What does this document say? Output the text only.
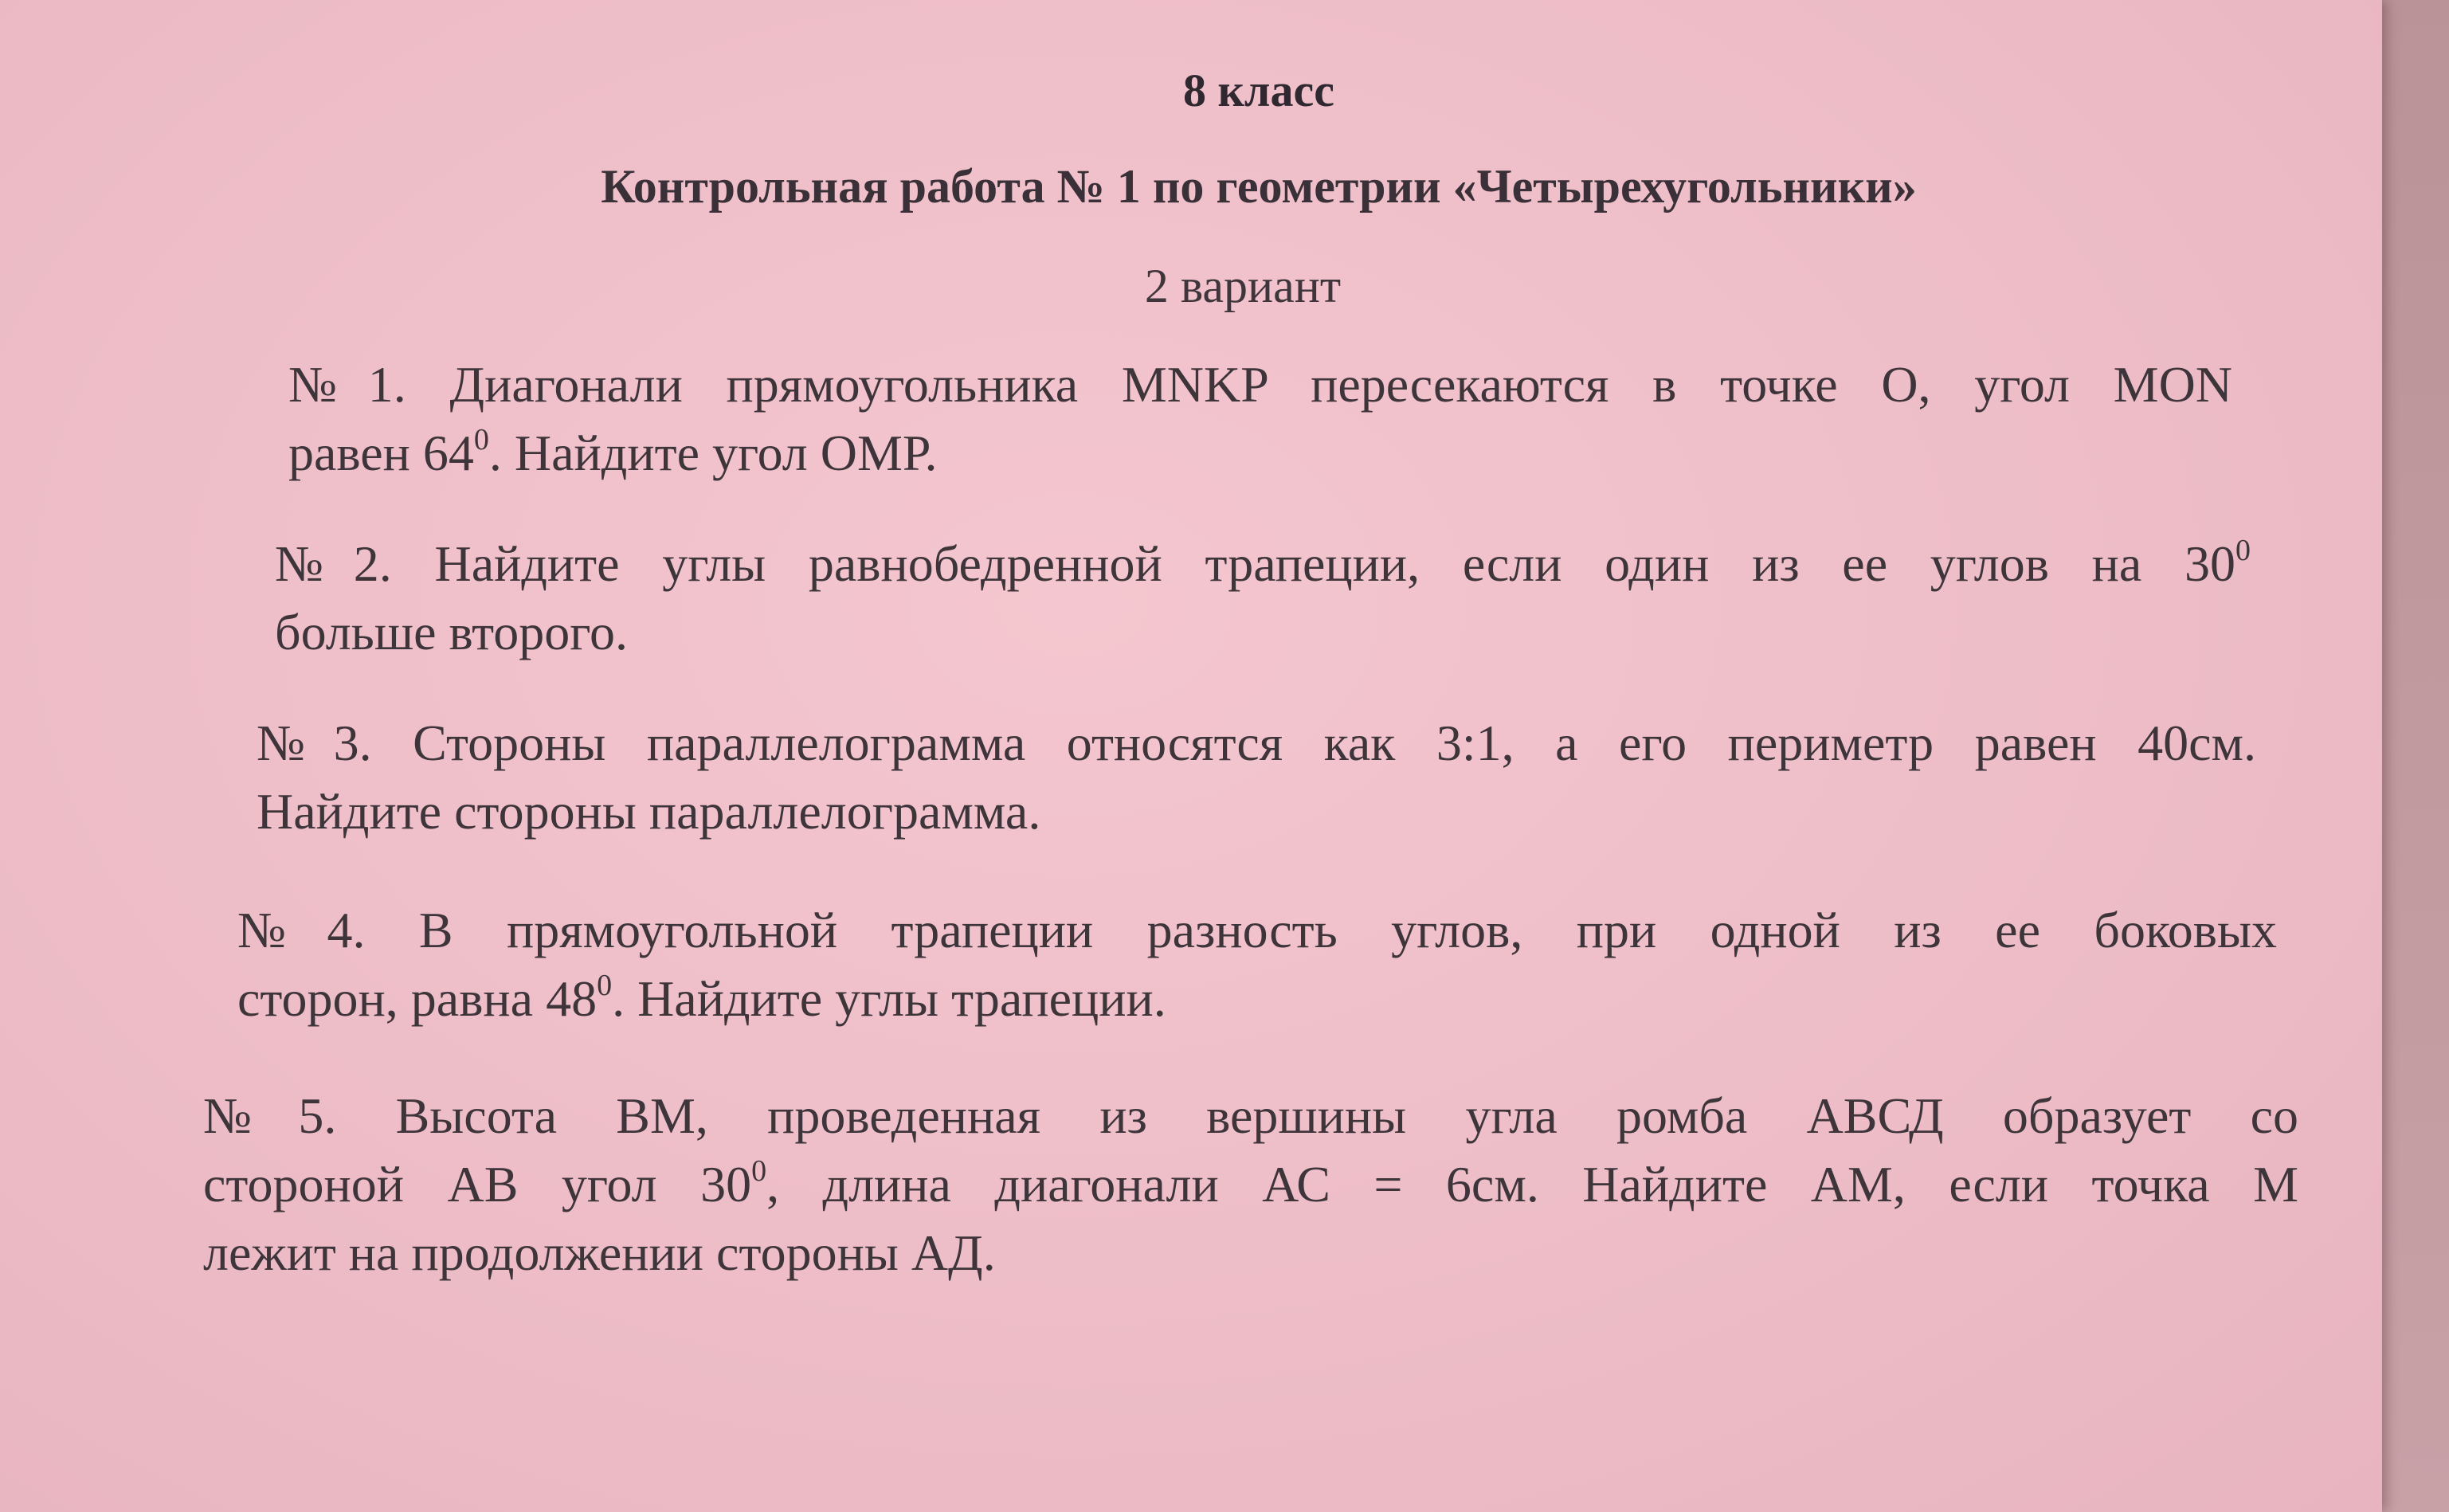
8 класс
Контрольная работа № 1 по геометрии «Четырехугольники»
2 вариант
№1. Диагонали прямоугольника MNKP пересекаются в точке О, угол MON
равен $64^0$. Найдите угол ОМР.
№2. Найдите углы равнобедренной трапеции, если один из ее углов на $30^0$
больше второго.
№3. Стороны параллелограмма относятся как 3:1, а его периметр равен 40см.
Найдите стороны параллелограмма.
№4. В прямоугольной трапеции разность углов, при одной из ее боковых
сторон, равна $48^0$. Найдите углы трапеции.
№5. Высота ВМ, проведенная из вершины угла ромба АВСД образует со
стороной АВ угол $30^0$, длина диагонали АС = 6см. Найдите АМ, если точка М
лежит на продолжении стороны АД.
